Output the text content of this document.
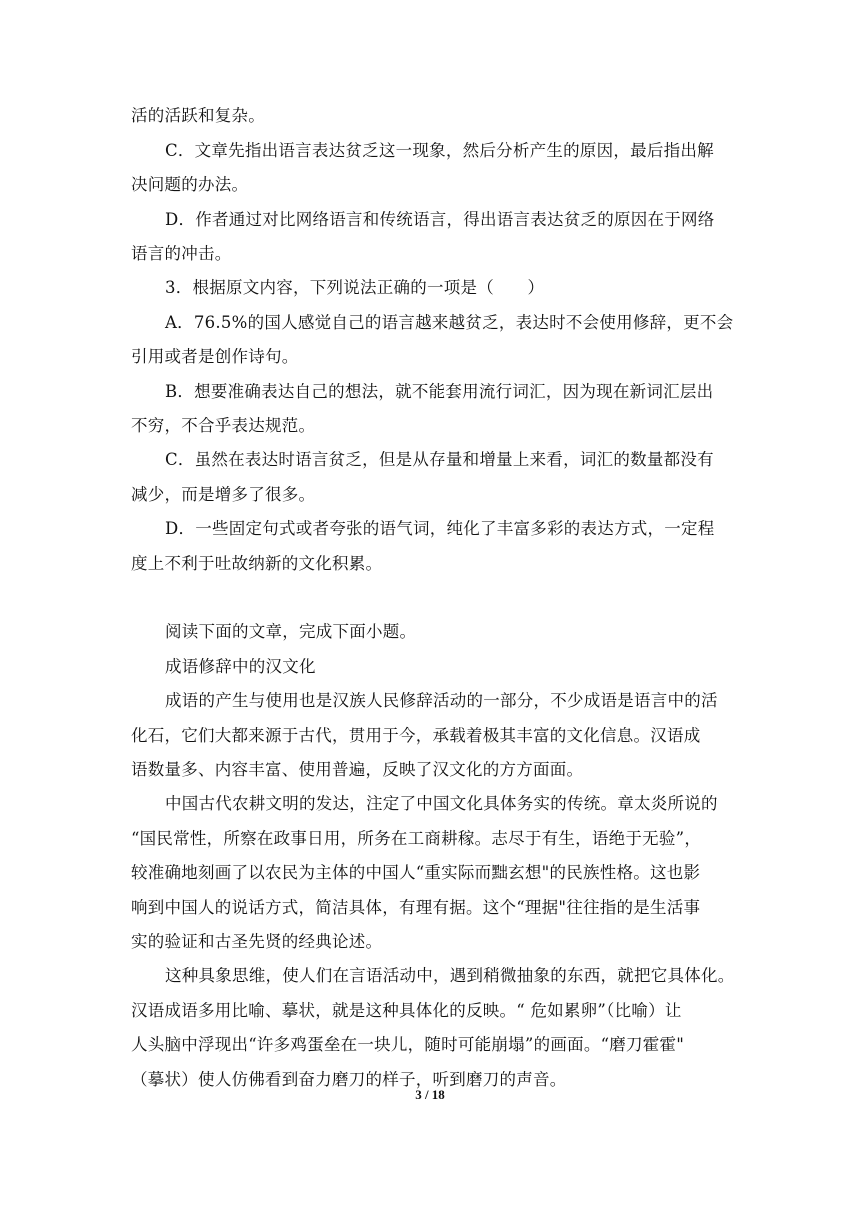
活的活跃和复杂。
C．文章先指出语言表达贫乏这一现象，然后分析产生的原因，最后指出解
决问题的办法。
D．作者通过对比网络语言和传统语言，得出语言表达贫乏的原因在于网络
语言的冲击。
3．根据原文内容，下列说法正确的一项是（　　）
A．76.5%的国人感觉自己的语言越来越贫乏，表达时不会使用修辞，更不会
引用或者是创作诗句。
B．想要准确表达自己的想法，就不能套用流行词汇，因为现在新词汇层出
不穷，不合乎表达规范。
C．虽然在表达时语言贫乏，但是从存量和增量上来看，词汇的数量都没有
减少，而是增多了很多。
D．一些固定句式或者夸张的语气词，纯化了丰富多彩的表达方式，一定程
度上不利于吐故纳新的文化积累。
阅读下面的文章，完成下面小题。
成语修辞中的汉文化
成语的产生与使用也是汉族人民修辞活动的一部分，不少成语是语言中的活
化石，它们大都来源于古代，贯用于今，承载着极其丰富的文化信息。汉语成
语数量多、内容丰富、使用普遍，反映了汉文化的方方面面。
中国古代农耕文明的发达，注定了中国文化具体务实的传统。章太炎所说的
“国民常性，所察在政事日用，所务在工商耕稼。志尽于有生，语绝于无验”，
较准确地刻画了以农民为主体的中国人“重实际而黜玄想"的民族性格。这也影
响到中国人的说话方式，简洁具体，有理有据。这个“理据"往往指的是生活事
实的验证和古圣先贤的经典论述。
这种具象思维，使人们在言语活动中，遇到稍微抽象的东西，就把它具体化。
汉语成语多用比喻、摹状，就是这种具体化的反映。“ 危如累卵”（比喻）让
人头脑中浮现出“许多鸡蛋垒在一块儿，随时可能崩塌”的画面。“磨刀霍霍"
（摹状）使人仿佛看到奋力磨刀的样子，听到磨刀的声音。
3 / 18
